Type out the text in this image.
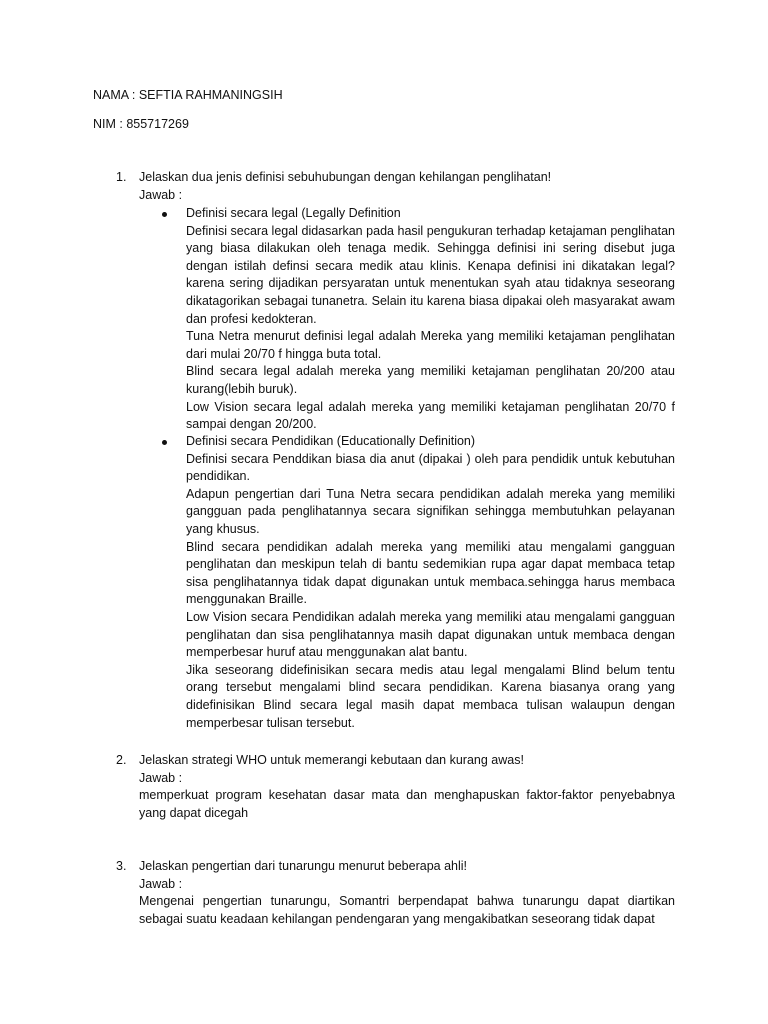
NAMA : SEFTIA RAHMANINGSIH
NIM : 855717269
1. Jelaskan dua jenis definisi sebuhubungan dengan kehilangan penglihatan!
Jawab :
Definisi secara legal (Legally Definition
Definisi secara legal didasarkan pada hasil pengukuran terhadap ketajaman penglihatan yang biasa dilakukan oleh tenaga medik. Sehingga definisi ini sering disebut juga dengan istilah definsi secara medik atau klinis. Kenapa definisi ini dikatakan legal? karena sering dijadikan persyaratan untuk menentukan syah atau tidaknya seseorang dikatagorikan sebagai tunanetra. Selain itu karena biasa dipakai oleh masyarakat awam dan profesi kedokteran.
Tuna Netra menurut definisi legal adalah Mereka yang memiliki ketajaman penglihatan dari mulai 20/70 f hingga buta total.
Blind secara legal adalah mereka yang memiliki ketajaman penglihatan 20/200 atau kurang(lebih buruk).
Low Vision secara legal adalah mereka yang memiliki ketajaman penglihatan 20/70 f sampai dengan 20/200.
Definisi secara Pendidikan (Educationally Definition)
Definisi secara Penddikan biasa dia anut (dipakai ) oleh para pendidik untuk kebutuhan pendidikan.
Adapun pengertian dari Tuna Netra secara pendidikan adalah mereka yang memiliki gangguan pada penglihatannya secara signifikan sehingga membutuhkan pelayanan yang khusus.
Blind secara pendidikan adalah mereka yang memiliki atau mengalami gangguan penglihatan dan meskipun telah di bantu sedemikian rupa agar dapat membaca tetap sisa penglihatannya tidak dapat digunakan untuk membaca.sehingga harus membaca menggunakan Braille.
Low Vision secara Pendidikan adalah mereka yang memiliki atau mengalami gangguan penglihatan dan sisa penglihatannya masih dapat digunakan untuk membaca dengan memperbesar huruf atau menggunakan alat bantu.
Jika seseorang didefinisikan secara medis atau legal mengalami Blind belum tentu orang tersebut mengalami blind secara pendidikan. Karena biasanya orang yang didefinisikan Blind secara legal masih dapat membaca tulisan walaupun dengan memperbesar tulisan tersebut.
2. Jelaskan strategi WHO untuk memerangi kebutaan dan kurang awas!
Jawab :
memperkuat program kesehatan dasar mata dan menghapuskan faktor-faktor penyebabnya yang dapat dicegah
3. Jelaskan pengertian dari tunarungu menurut beberapa ahli!
Jawab :
Mengenai pengertian tunarungu, Somantri berpendapat bahwa tunarungu dapat diartikan sebagai suatu keadaan kehilangan pendengaran yang mengakibatkan seseorang tidak dapat
